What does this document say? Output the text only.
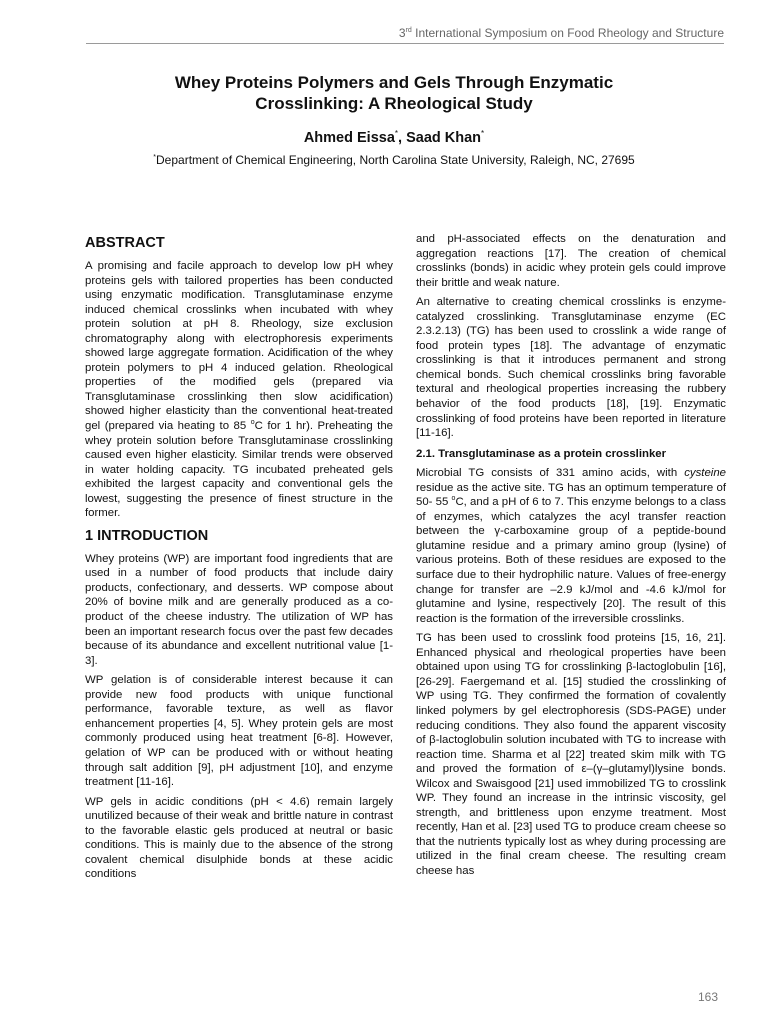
3rd International Symposium on Food Rheology and Structure
Whey Proteins Polymers and Gels Through Enzymatic
Crosslinking: A Rheological Study
Ahmed Eissa*, Saad Khan*
*Department of Chemical Engineering, North Carolina State University, Raleigh, NC, 27695
ABSTRACT

A promising and facile approach to develop low pH whey proteins gels with tailored properties has been conducted using enzymatic modification. Transglutaminase enzyme induced chemical crosslinks when incubated with whey protein solution at pH 8. Rheology, size exclusion chromatography along with electrophoresis experiments showed large aggregate formation. Acidification of the whey protein polymers to pH 4 induced gelation. Rheological properties of the modified gels (prepared via Transglutaminase crosslinking then slow acidification) showed higher elasticity than the conventional heat-treated gel (prepared via heating to 85 $^o$C for 1 hr). Preheating the whey protein solution before Transglutaminase crosslinking caused even higher elasticity. Similar trends were observed in water holding capacity. TG incubated preheated gels exhibited the largest capacity and conventional gels the lowest, suggesting the presence of finest structure in the former.

1 INTRODUCTION

Whey proteins (WP) are important food ingredients that are used in a number of food products that include dairy products, confectionary, and desserts. WP compose about 20% of bovine milk and are generally produced as a co-product of the cheese industry. The utilization of WP has been an important research focus over the past few decades because of its abundance and excellent nutritional value [1-3].

WP gelation is of considerable interest because it can provide new food products with unique functional performance, favorable texture, as well as flavor enhancement properties [4, 5]. Whey protein gels are most commonly produced using heat treatment [6-8]. However, gelation of WP can be produced with or without heating through salt addition [9], pH adjustment [10], and enzyme treatment [11-16].

WP gels in acidic conditions (pH < 4.6) remain largely unutilized because of their weak and brittle nature in contrast to the favorable elastic gels produced at neutral or basic conditions. This is mainly due to the absence of the strong covalent chemical disulphide bonds at these acidic conditions

and pH-associated effects on the denaturation and aggregation reactions [17]. The creation of chemical crosslinks (bonds) in acidic whey protein gels could improve their brittle and weak nature.

An alternative to creating chemical crosslinks is enzyme-catalyzed crosslinking. Transglutaminase enzyme (EC 2.3.2.13) (TG) has been used to crosslink a wide range of food protein types [18]. The advantage of enzymatic crosslinking is that it introduces permanent and strong chemical bonds. Such chemical crosslinks bring favorable textural and rheological properties increasing the rubbery behavior of the food products [18], [19]. Enzymatic crosslinking of food proteins have been reported in literature [11-16].

2.1. Transglutaminase as a protein crosslinker

Microbial TG consists of 331 amino acids, with cysteine residue as the active site. TG has an optimum temperature of 50- 55 $^o$C, and a pH of 6 to 7. This enzyme belongs to a class of enzymes, which catalyzes the acyl transfer reaction between the γ-carboxamine group of a peptide-bound glutamine residue and a primary amino group (lysine) of various proteins. Both of these residues are exposed to the surface due to their hydrophilic nature. Values of free-energy change for transfer are –2.9 kJ/mol and -4.6 kJ/mol for glutamine and lysine, respectively [20]. The result of this reaction is the formation of the irreversible crosslinks.

TG has been used to crosslink food proteins [15, 16, 21]. Enhanced physical and rheological properties have been obtained upon using TG for crosslinking β-lactoglobulin [16], [26-29]. Faergemand et al. [15] studied the crosslinking of WP using TG. They confirmed the formation of covalently linked polymers by gel electrophoresis (SDS-PAGE) under reducing conditions. They also found the apparent viscosity of β-lactoglobulin solution incubated with TG to increase with reaction time. Sharma et al [22] treated skim milk with TG and proved the formation of ε–(γ–glutamyl)lysine bonds. Wilcox and Swaisgood [21] used immobilized TG to crosslink WP. They found an increase in the intrinsic viscosity, gel strength, and brittleness upon enzyme treatment. Most recently, Han et al. [23] used TG to produce cream cheese so that the nutrients typically lost as whey during processing are utilized in the final cream cheese. The resulting cream cheese has

163
